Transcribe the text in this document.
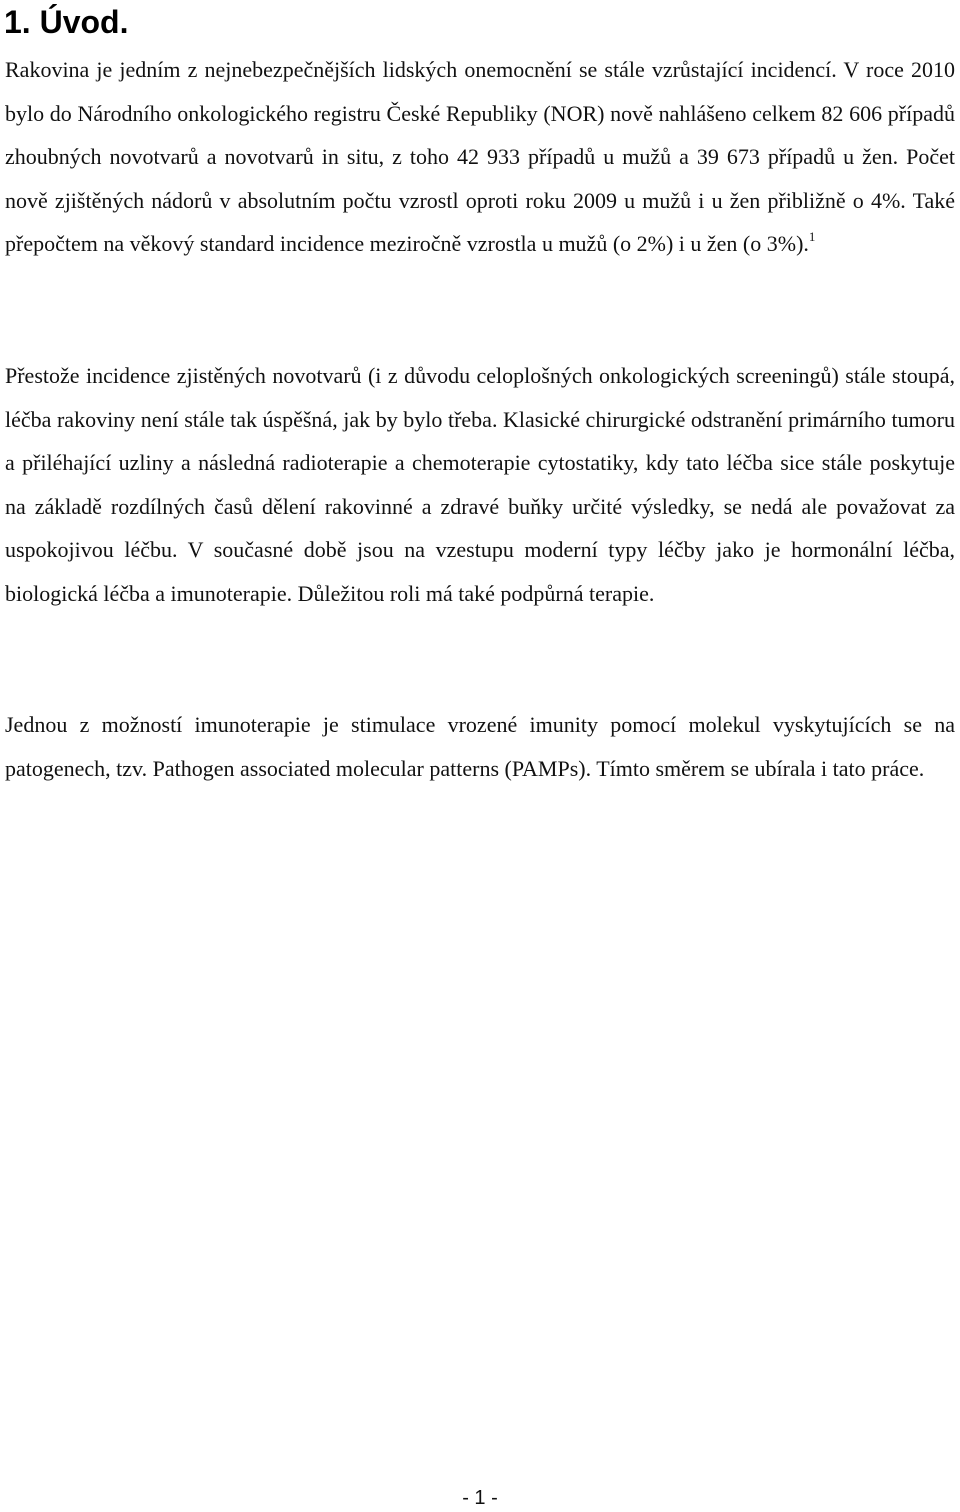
1. Úvod.

Rakovina je jedním z nejnebezpečnějších lidských onemocnění se stále vzrůstající incidencí. V roce 2010 bylo do Národního onkologického registru České Republiky (NOR) nově nahlášeno celkem 82 606 případů zhoubných novotvarů a novotvarů in situ, z toho 42 933 případů u mužů a 39 673 případů u žen. Počet nově zjištěných nádorů v absolutním počtu vzrostl oproti roku 2009 u mužů i u žen přibližně o 4%. Také přepočtem na věkový standard incidence meziročně vzrostla u mužů (o 2%) i u žen (o 3%).$^1$

Přestože incidence zjistěných novotvarů (i z důvodu celoplošných onkologických screeningů) stále stoupá, léčba rakoviny není stále tak úspěšná, jak by bylo třeba. Klasické chirurgické odstranění primárního tumoru a přiléhající uzliny a následná radioterapie a chemoterapie cytostatiky, kdy tato léčba sice stále poskytuje na základě rozdílných časů dělení rakovinné a zdravé buňky určité výsledky, se nedá ale považovat za uspokojivou léčbu. V současné době jsou na vzestupu moderní typy léčby jako je hormonální léčba, biologická léčba a imunoterapie. Důležitou roli má také podpůrná terapie.

Jednou z možností imunoterapie je stimulace vrozené imunity pomocí molekul vyskytujících se na patogenech, tzv. Pathogen associated molecular patterns (PAMPs). Tímto směrem se ubírala i tato práce.

- 1 -
